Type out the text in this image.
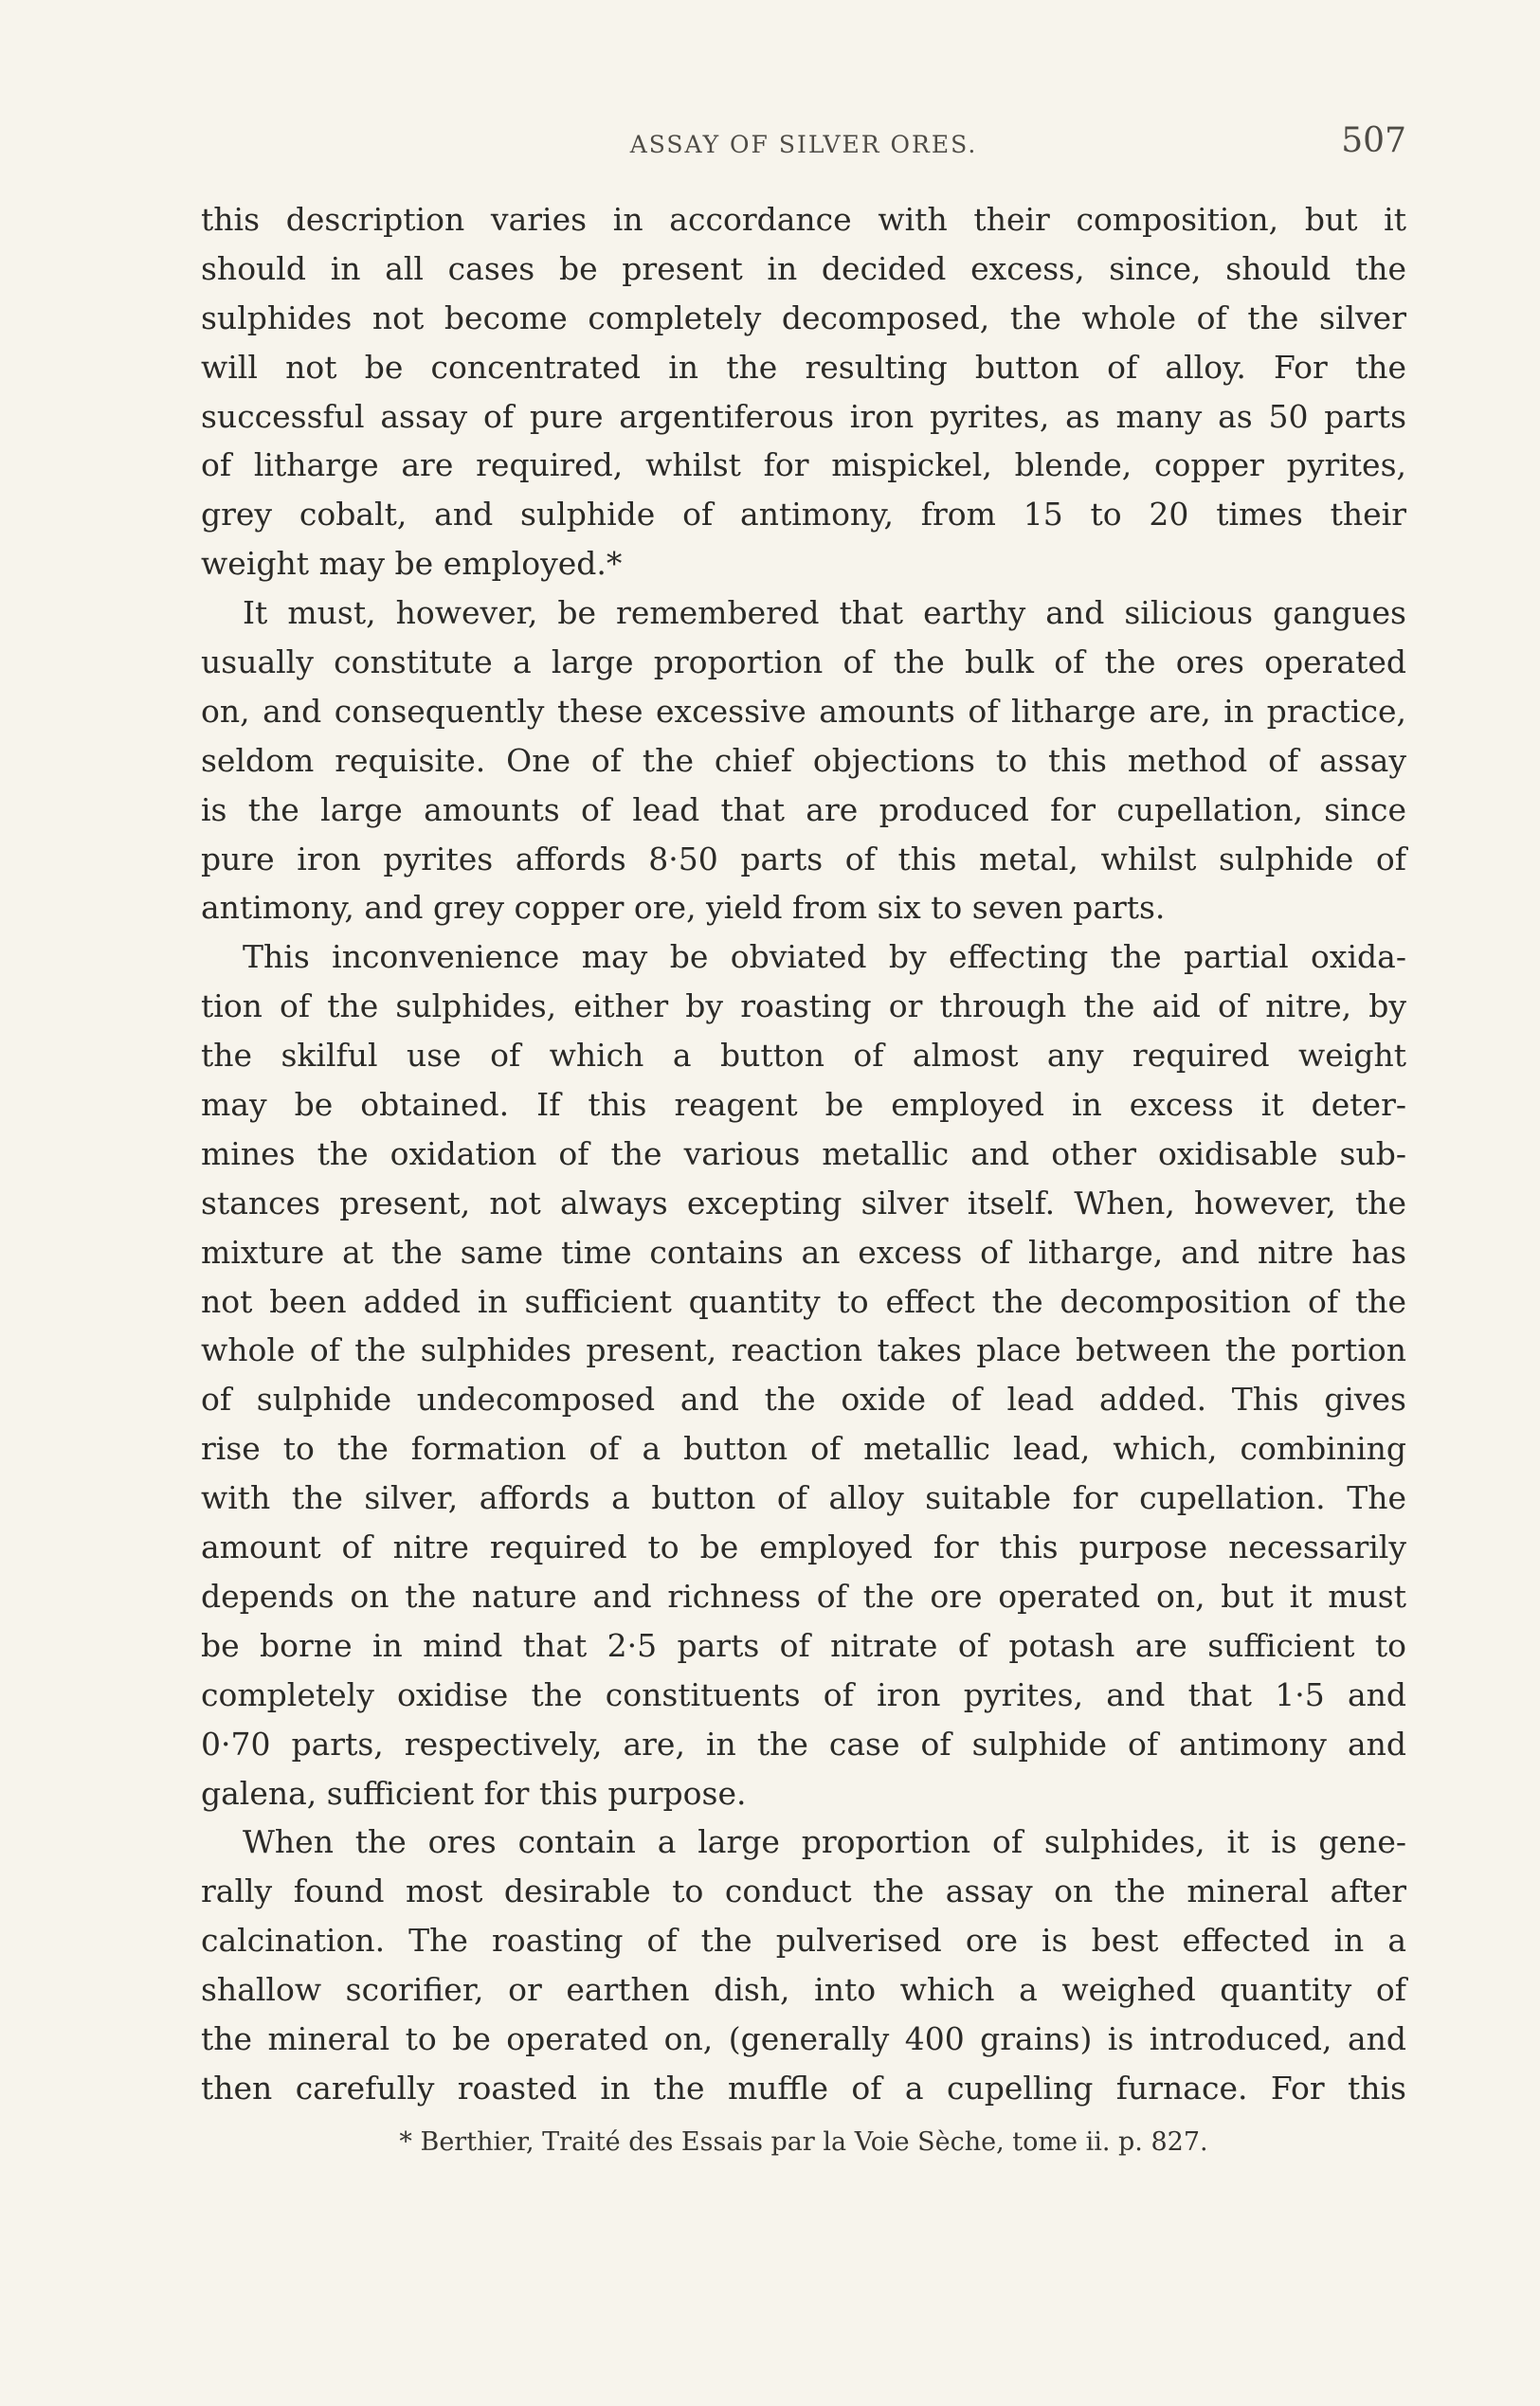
ASSAY OF SILVER ORES.	507
this description varies in accordance with their composition, but it
should in all cases be present in decided excess, since, should the
sulphides not become completely decomposed, the whole of the silver
will not be concentrated in the resulting button of alloy. For the
successful assay of pure argentiferous iron pyrites, as many as 50 parts
of litharge are required, whilst for mispickel, blende, copper pyrites,
grey cobalt, and sulphide of antimony, from 15 to 20 times their
weight may be employed.*
It must, however, be remembered that earthy and silicious gangues
usually constitute a large proportion of the bulk of the ores operated
on, and consequently these excessive amounts of litharge are, in practice,
seldom requisite. One of the chief objections to this method of assay
is the large amounts of lead that are produced for cupellation, since
pure iron pyrites affords 8·50 parts of this metal, whilst sulphide of
antimony, and grey copper ore, yield from six to seven parts.
This inconvenience may be obviated by effecting the partial oxida-
tion of the sulphides, either by roasting or through the aid of nitre, by
the skilful use of which a button of almost any required weight
may be obtained. If this reagent be employed in excess it deter-
mines the oxidation of the various metallic and other oxidisable sub-
stances present, not always excepting silver itself. When, however, the
mixture at the same time contains an excess of litharge, and nitre has
not been added in sufficient quantity to effect the decomposition of the
whole of the sulphides present, reaction takes place between the portion
of sulphide undecomposed and the oxide of lead added. This gives
rise to the formation of a button of metallic lead, which, combining
with the silver, affords a button of alloy suitable for cupellation. The
amount of nitre required to be employed for this purpose necessarily
depends on the nature and richness of the ore operated on, but it must
be borne in mind that 2·5 parts of nitrate of potash are sufficient to
completely oxidise the constituents of iron pyrites, and that 1·5 and
0·70 parts, respectively, are, in the case of sulphide of antimony and
galena, sufficient for this purpose.
When the ores contain a large proportion of sulphides, it is gene-
rally found most desirable to conduct the assay on the mineral after
calcination. The roasting of the pulverised ore is best effected in a
shallow scorifier, or earthen dish, into which a weighed quantity of
the mineral to be operated on, (generally 400 grains) is introduced, and
then carefully roasted in the muffle of a cupelling furnace. For this
* Berthier, Traité des Essais par la Voie Sèche, tome ii. p. 827.
